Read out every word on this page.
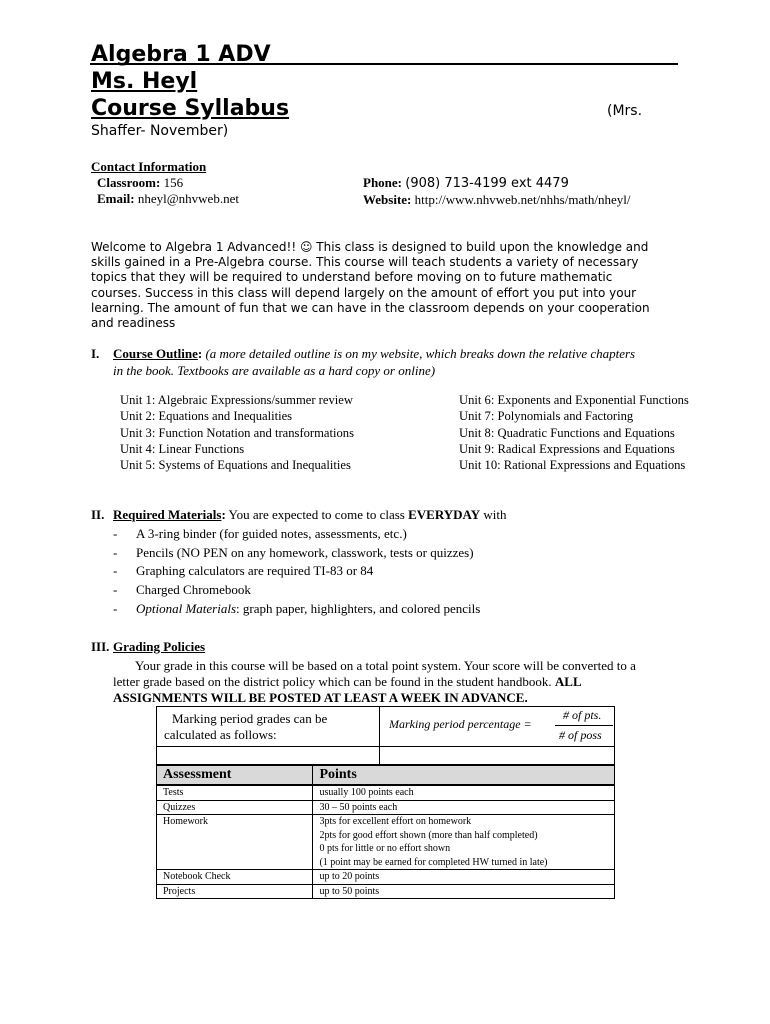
Algebra 1 ADV
Ms. Heyl
Course Syllabus	(Mrs.
Shaffer- November)
Contact Information
Classroom: 156
Email: nheyl@nhvweb.net
Phone: (908) 713-4199 ext 4479
Website: http://www.nhvweb.net/nhhs/math/nheyl/
Welcome to Algebra 1 Advanced!! ☺ This class is designed to build upon the knowledge and
skills gained in a Pre-Algebra course. This course will teach students a variety of necessary
topics that they will be required to understand before moving on to future mathematic
courses. Success in this class will depend largely on the amount of effort you put into your
learning. The amount of fun that we can have in the classroom depends on your cooperation
and readiness
I. Course Outline: (a more detailed outline is on my website, which breaks down the relative chapters
in the book. Textbooks are available as a hard copy or online)
Unit 1: Algebraic Expressions/summer review
Unit 2: Equations and Inequalities
Unit 3: Function Notation and transformations
Unit 4: Linear Functions
Unit 5: Systems of Equations and Inequalities
Unit 6: Exponents and Exponential Functions
Unit 7: Polynomials and Factoring
Unit 8: Quadratic Functions and Equations
Unit 9: Radical Expressions and Equations
Unit 10: Rational Expressions and Equations
II. Required Materials: You are expected to come to class EVERYDAY with
- A 3-ring binder (for guided notes, assessments, etc.)
- Pencils (NO PEN on any homework, classwork, tests or quizzes)
- Graphing calculators are required TI-83 or 84
- Charged Chromebook
- Optional Materials: graph paper, highlighters, and colored pencils
III. Grading Policies
Your grade in this course will be based on a total point system. Your score will be converted to a
letter grade based on the district policy which can be found in the student handbook. ALL
ASSIGNMENTS WILL BE POSTED AT LEAST A WEEK IN ADVANCE.
Marking period grades can be
calculated as follows:
Marking period percentage =
# of pts.
# of poss
Assessment	Points
Tests	usually 100 points each
Quizzes	30 – 50 points each
Homework	3pts for excellent effort on homework
2pts for good effort shown (more than half completed)
0 pts for little or no effort shown
(1 point may be earned for completed HW turned in late)

Notebook Check	up to 20 points
Projects	up to 50 points
